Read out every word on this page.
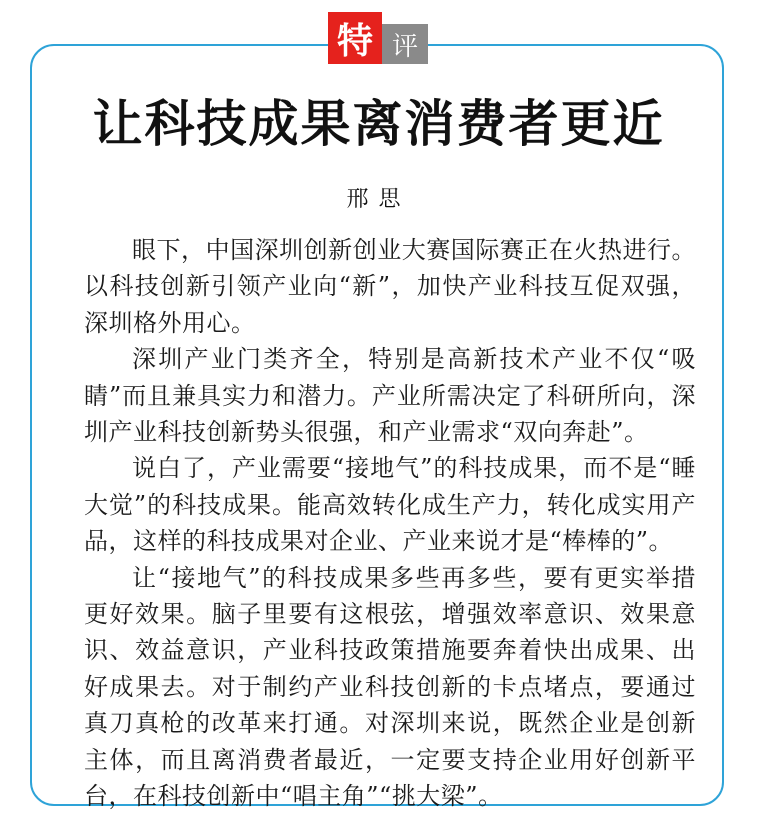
特 评
让科技成果离消费者更近
邢思

眼下，中国深圳创新创业大赛国际赛正在火热进行。以科技创新引领产业向“新”，加快产业科技互促双强，深圳格外用心。

深圳产业门类齐全，特别是高新技术产业不仅“吸睛”而且兼具实力和潜力。产业所需决定了科研所向，深圳产业科技创新势头很强，和产业需求“双向奔赴”。

说白了，产业需要“接地气”的科技成果，而不是“睡大觉”的科技成果。能高效转化成生产力，转化成实用产品，这样的科技成果对企业、产业来说才是“棒棒的”。

让“接地气”的科技成果多些再多些，要有更实举措更好效果。脑子里要有这根弦，增强效率意识、效果意识、效益意识，产业科技政策措施要奔着快出成果、出好成果去。对于制约产业科技创新的卡点堵点，要通过真刀真枪的改革来打通。对深圳来说，既然企业是创新主体，而且离消费者最近，一定要支持企业用好创新平台，在科技创新中“唱主角”“挑大梁”。
